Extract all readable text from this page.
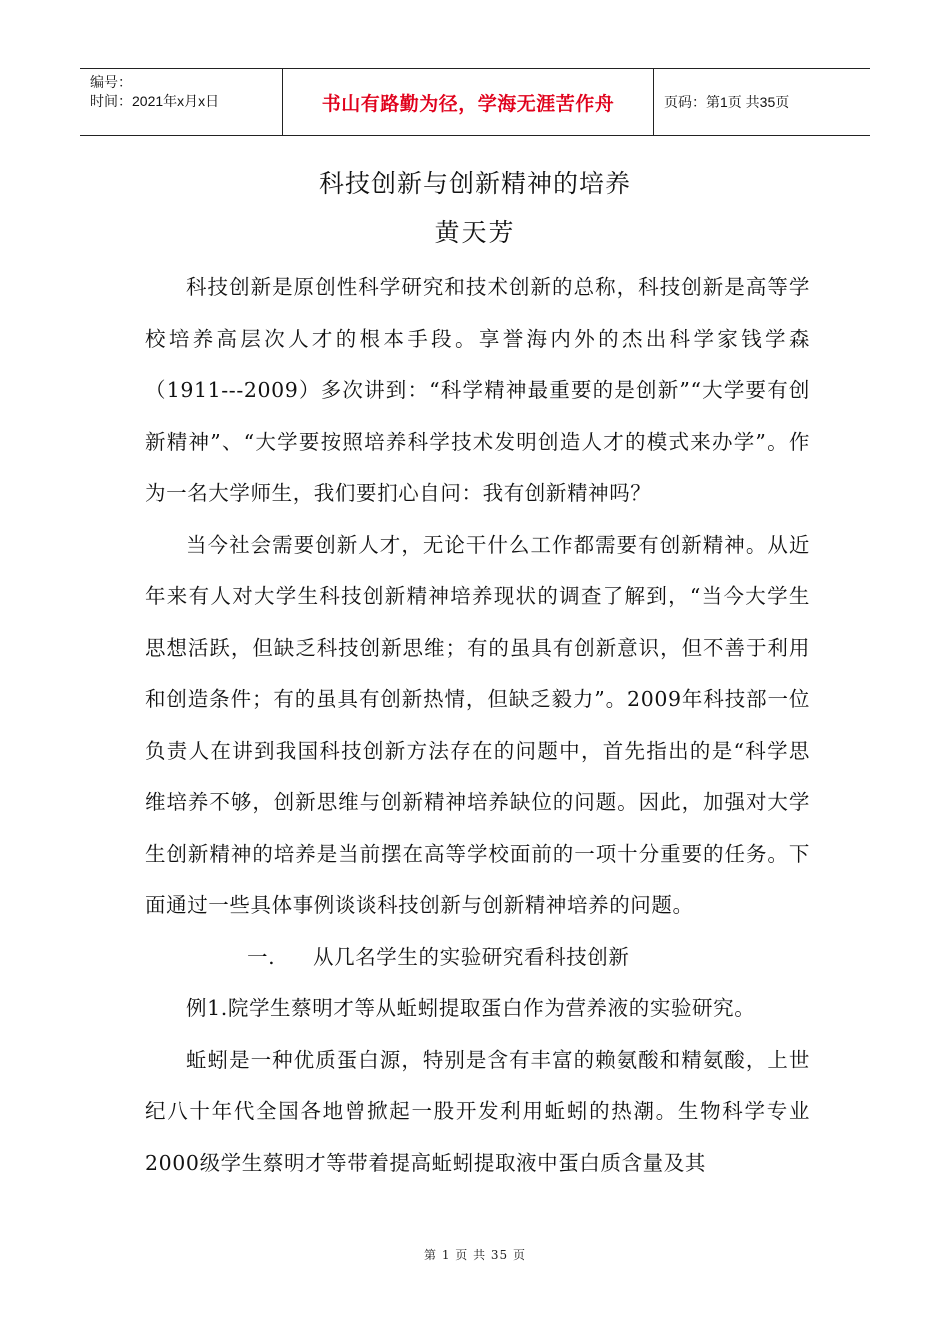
编号：
时间：2021年x月x日	书山有路勤为径，学海无涯苦作舟	页码：第1页 共35页
科技创新与创新精神的培养
黄天芳

科技创新是原创性科学研究和技术创新的总称，科技创新是高等学校培养高层次人才的根本手段。享誉海内外的杰出科学家钱学森（1911---2009）多次讲到：“科学精神最重要的是创新”“大学要有创新精神”、“大学要按照培养科学技术发明创造人才的模式来办学”。作为一名大学师生，我们要扪心自问：我有创新精神吗？

当今社会需要创新人才，无论干什么工作都需要有创新精神。从近年来有人对大学生科技创新精神培养现状的调查了解到，“当今大学生思想活跃，但缺乏科技创新思维；有的虽具有创新意识，但不善于利用和创造条件；有的虽具有创新热情，但缺乏毅力”。2009年科技部一位负责人在讲到我国科技创新方法存在的问题中，首先指出的是“科学思维培养不够，创新思维与创新精神培养缺位的问题。因此，加强对大学生创新精神的培养是当前摆在高等学校面前的一项十分重要的任务。下面通过一些具体事例谈谈科技创新与创新精神培养的问题。

一. 从几名学生的实验研究看科技创新

例1.院学生蔡明才等从蚯蚓提取蛋白作为营养液的实验研究。

蚯蚓是一种优质蛋白源，特别是含有丰富的赖氨酸和精氨酸，上世纪八十年代全国各地曾掀起一股开发利用蚯蚓的热潮。生物科学专业2000级学生蔡明才等带着提高蚯蚓提取液中蛋白质含量及其

第 1 页 共 35 页
